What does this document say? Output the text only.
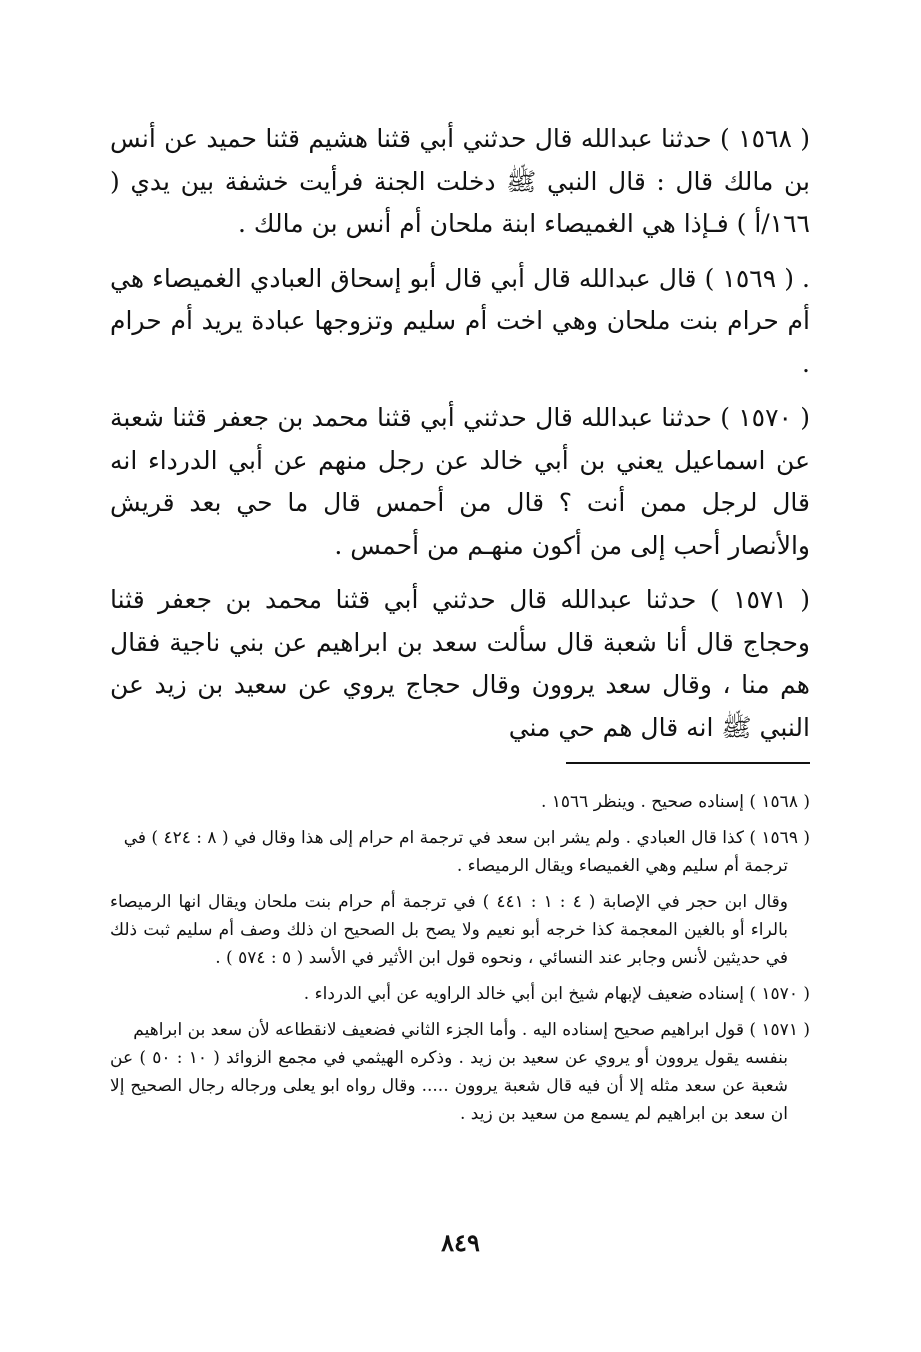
( ١٥٦٨ ) حدثنا عبدالله قال حدثني أبي قثنا هشيم قثنا حميد عن أنس بن مالك قال : قال النبي ﷺ دخلت الجنة فرأيت خشفة بين يدي ( ١٦٦/أ ) فـإذا هي الغميصاء ابنة ملحان أم أنس بن مالك .

. ( ١٥٦٩ ) قال عبدالله قال أبي قال أبو إسحاق العبادي الغميصاء هي أم حرام بنت ملحان وهي اخت أم سليم وتزوجها عبادة يريد أم حرام .

( ١٥٧٠ ) حدثنا عبدالله قال حدثني أبي قثنا محمد بن جعفر قثنا شعبة عن اسماعيل يعني بن أبي خالد عن رجل منهم عن أبي الدرداء انه قال لرجل ممن أنت ؟ قال من أحمس قال ما حي بعد قريش والأنصار أحب إلى من أكون منهـم من أحمس .

( ١٥٧١ ) حدثنا عبدالله قال حدثني أبي قثنا محمد بن جعفر قثنا وحجاج قال أنا شعبة قال سألت سعد بن ابراهيم عن بني ناجية فقال هم منا ، وقال سعد يروون وقال حجاج يروي عن سعيد بن زيد عن النبي ﷺ انه قال هم حي مني

( ١٥٦٨ ) إسناده صحيح . وينظر ١٥٦٦ .
( ١٥٦٩ ) كذا قال العبادي . ولم يشر ابن سعد في ترجمة ام حرام إلى هذا وقال في ( ٨ : ٤٢٤ ) في
ترجمة أم سليم وهي الغميصاء ويقال الرميصاء .
وقال ابن حجر في الإصابة ( ٤ : ١ : ٤٤١ ) في ترجمة أم حرام بنت ملحان ويقال انها الرميصاء بالراء أو بالغين المعجمة كذا خرجه أبو نعيم ولا يصح بل الصحيح ان ذلك وصف أم سليم ثبت ذلك في حديثين لأنس وجابر عند النسائي ، ونحوه قول ابن الأثير في الأسد ( ٥ : ٥٧٤ ) .
( ١٥٧٠ ) إسناده ضعيف لإبهام شيخ ابن أبي خالد الراويه عن أبي الدرداء .
( ١٥٧١ ) قول ابراهيم صحيح إسناده اليه . وأما الجزء الثاني فضعيف لانقطاعه لأن سعد بن ابراهيم
بنفسه يقول يروون أو يروي عن سعيد بن زيد . وذكره الهيثمي في مجمع الزوائد ( ١٠ : ٥٠ ) عن شعبة عن سعد مثله إلا أن فيه قال شعبة يروون ..... وقال رواه ابو يعلى ورجاله رجال الصحيح إلا ان سعد بن ابراهيم لم يسمع من سعيد بن زيد .
٨٤٩
